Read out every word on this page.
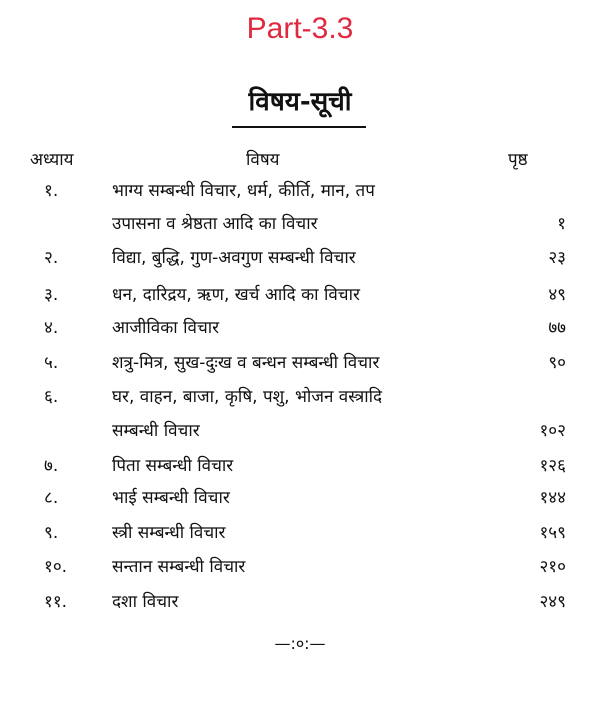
Part-3.3
विषय-सूची
अध्याय	विषय	पृष्ठ
१.	भाग्य सम्बन्धी विचार, धर्म, कीर्ति, मान, तप
उपासना व श्रेष्ठता आदि का विचार	१
२.	विद्या, बुद्धि, गुण-अवगुण सम्बन्धी विचार	२३
३.	धन, दारिद्रय, ऋण, खर्च आदि का विचार	४९
४.	आजीविका विचार	७७
५.	शत्रु-मित्र, सुख-दुःख व बन्धन सम्बन्धी विचार	९०
६.	घर, वाहन, बाजा, कृषि, पशु, भोजन वस्त्रादि
सम्बन्धी विचार	१०२
७.	पिता सम्बन्धी विचार	१२६
८.	भाई सम्बन्धी विचार	१४४
९.	स्त्री सम्बन्धी विचार	१५९
१०.	सन्तान सम्बन्धी विचार	२१०
११.	दशा विचार	२४९
—:०:—
